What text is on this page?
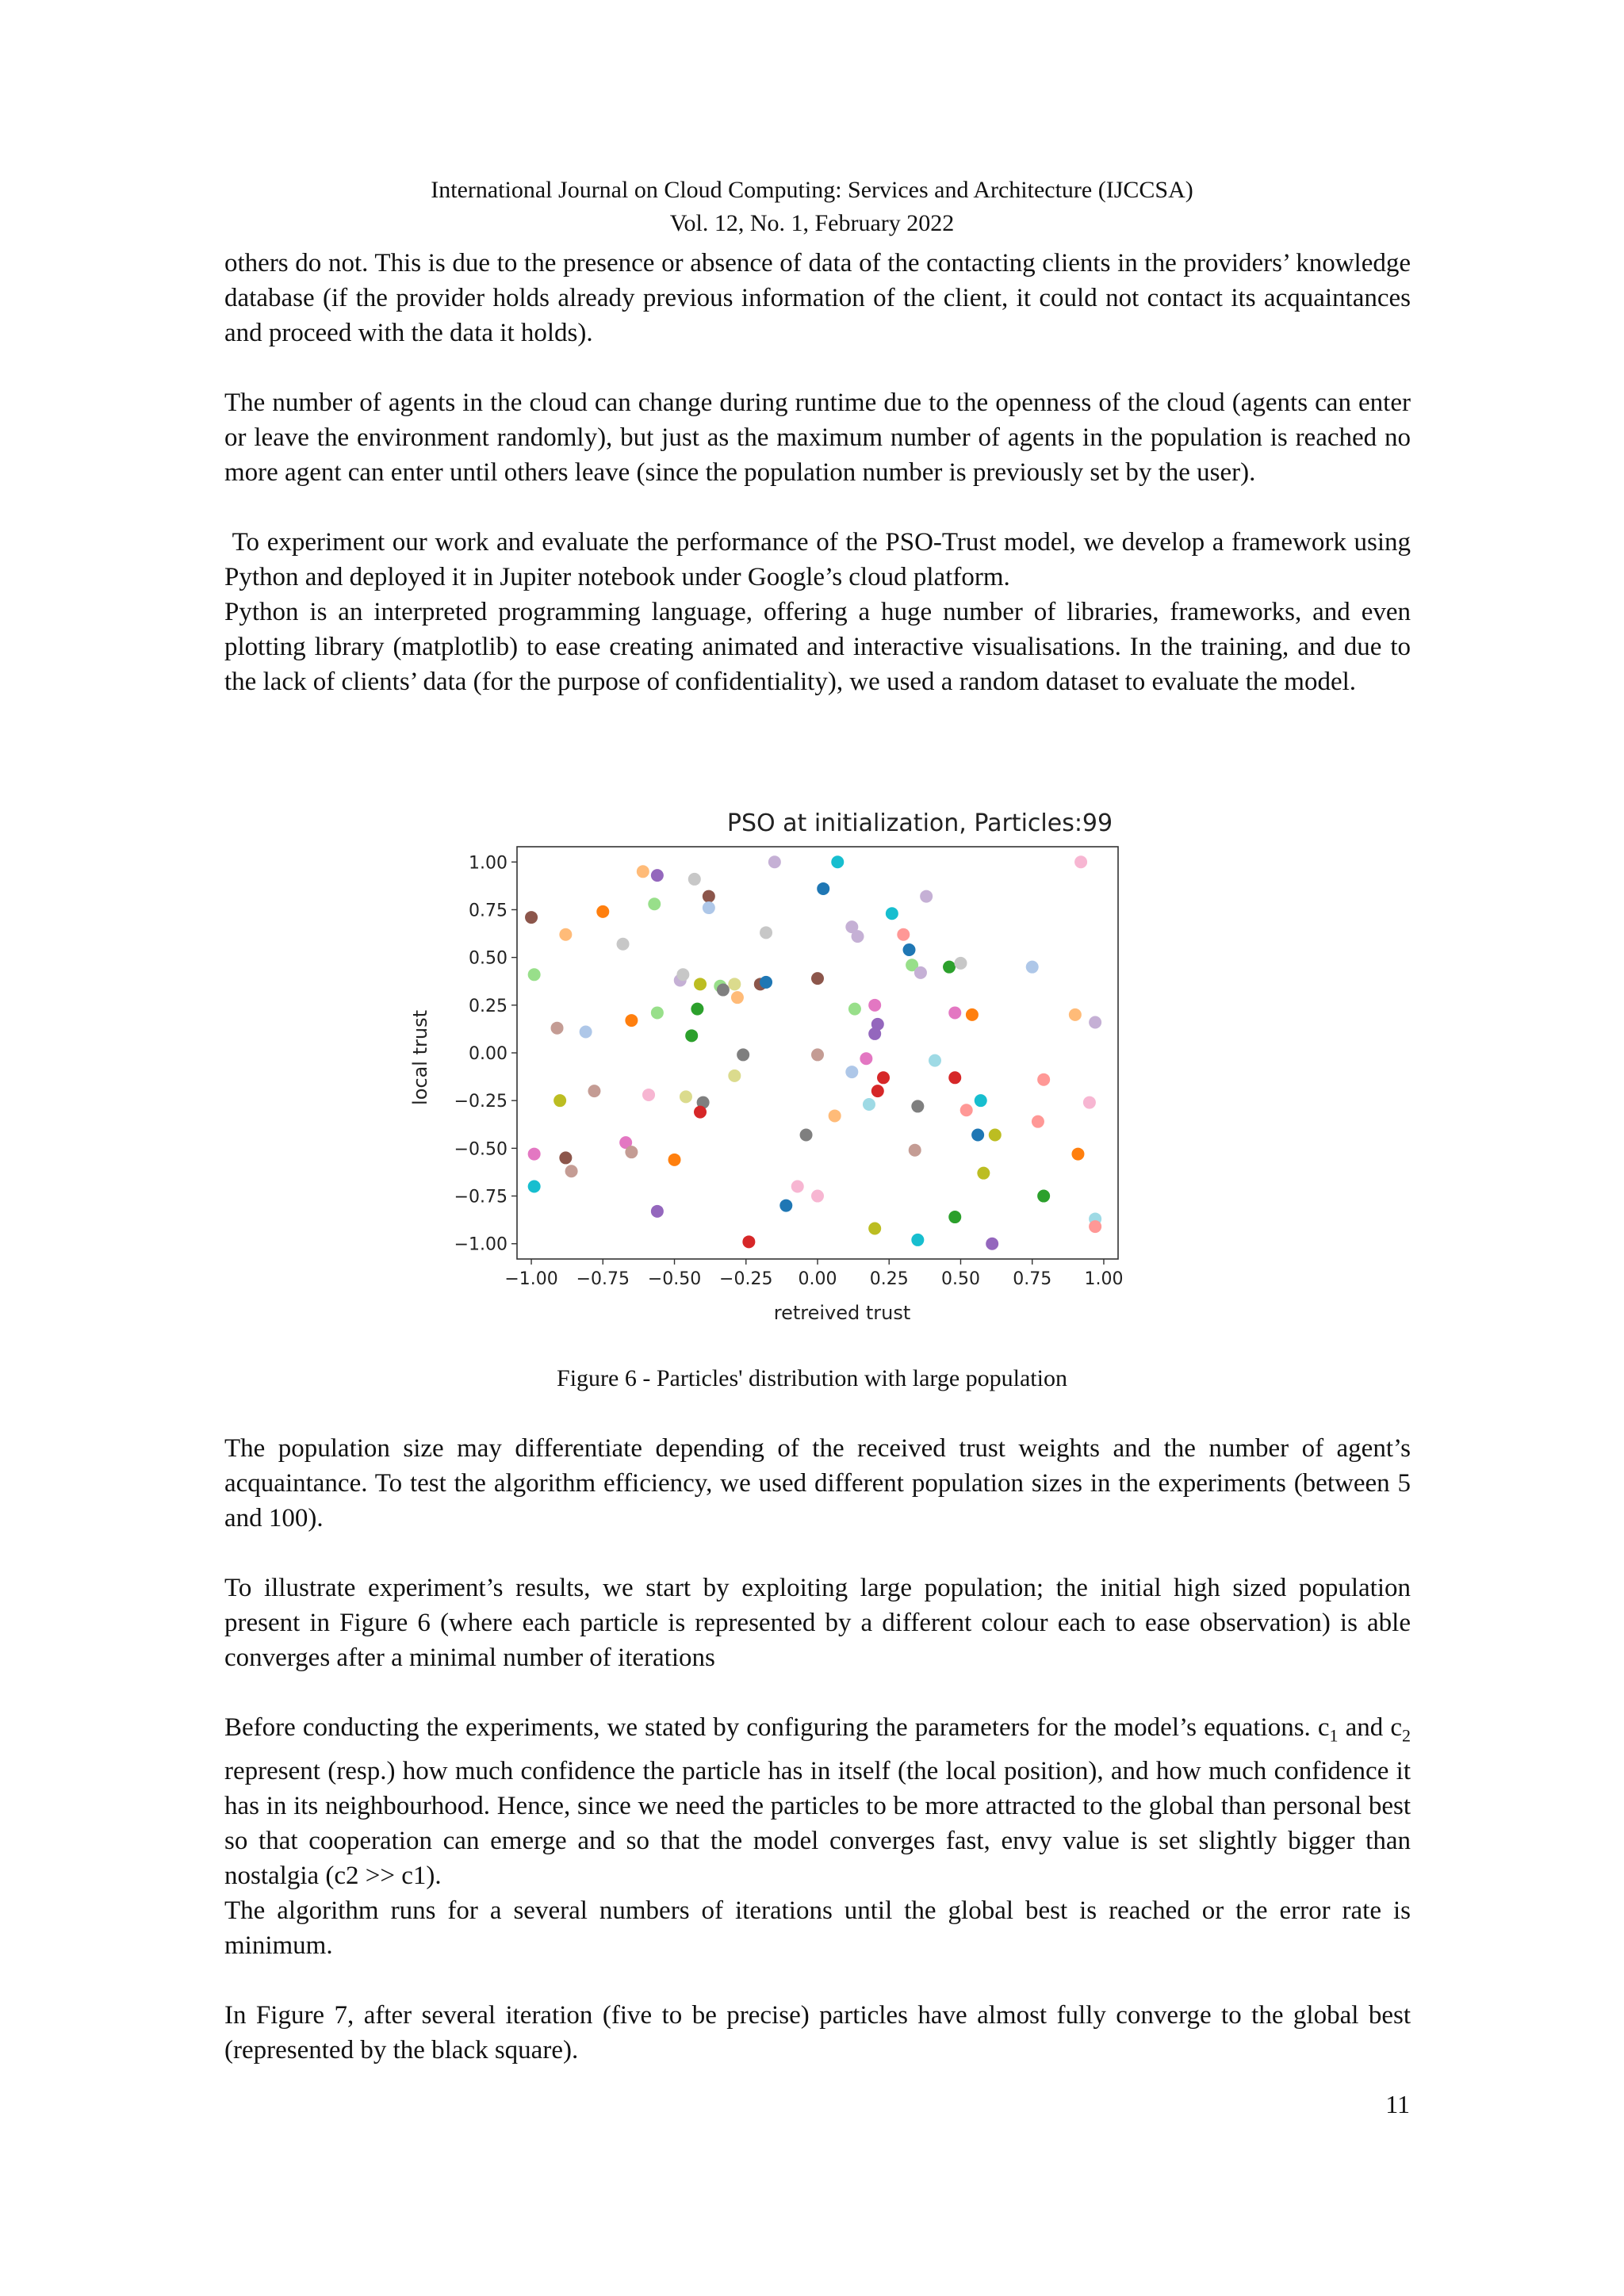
International Journal on Cloud Computing: Services and Architecture (IJCCSA)
Vol. 12, No. 1, February 2022

others do not. This is due to the presence or absence of data of the contacting clients in the providers’ knowledge database (if the provider holds already previous information of the client, it could not contact its acquaintances and proceed with the data it holds).

The number of agents in the cloud can change during runtime due to the openness of the cloud (agents can enter or leave the environment randomly), but just as the maximum number of agents in the population is reached no more agent can enter until others leave (since the population number is previously set by the user).

To experiment our work and evaluate the performance of the PSO-Trust model, we develop a framework using Python and deployed it in Jupiter notebook under Google’s cloud platform.

Python is an interpreted programming language, offering a huge number of libraries, frameworks, and even plotting library (matplotlib) to ease creating animated and interactive visualisations. In the training, and due to the lack of clients’ data (for the purpose of confidentiality), we used a random dataset to evaluate the model.

PSO at initialization, Particles:99
−1.00
−0.75
−0.50
−0.25
0.00
0.25
0.50
0.75
1.00
−1.00 −0.75 −0.50 −0.25 0.00 0.25 0.50 0.75 1.00
retreived trust
local trust
Figure 6 - Particles' distribution with large population

The population size may differentiate depending of the received trust weights and the number of agent’s acquaintance. To test the algorithm efficiency, we used different population sizes in the experiments (between 5 and 100).

To illustrate experiment’s results, we start by exploiting large population; the initial high sized population present in Figure 6 (where each particle is represented by a different colour each to ease observation) is able converges after a minimal number of iterations

Before conducting the experiments, we stated by configuring the parameters for the model’s equations. $c_1$ and $c_2$ represent (resp.) how much confidence the particle has in itself (the local position), and how much confidence it has in its neighbourhood. Hence, since we need the particles to be more attracted to the global than personal best so that cooperation can emerge and so that the model converges fast, envy value is set slightly bigger than nostalgia (c2 >> c1).

The algorithm runs for a several numbers of iterations until the global best is reached or the error rate is minimum.

In Figure 7, after several iteration (five to be precise) particles have almost fully converge to the global best (represented by the black square).

11
